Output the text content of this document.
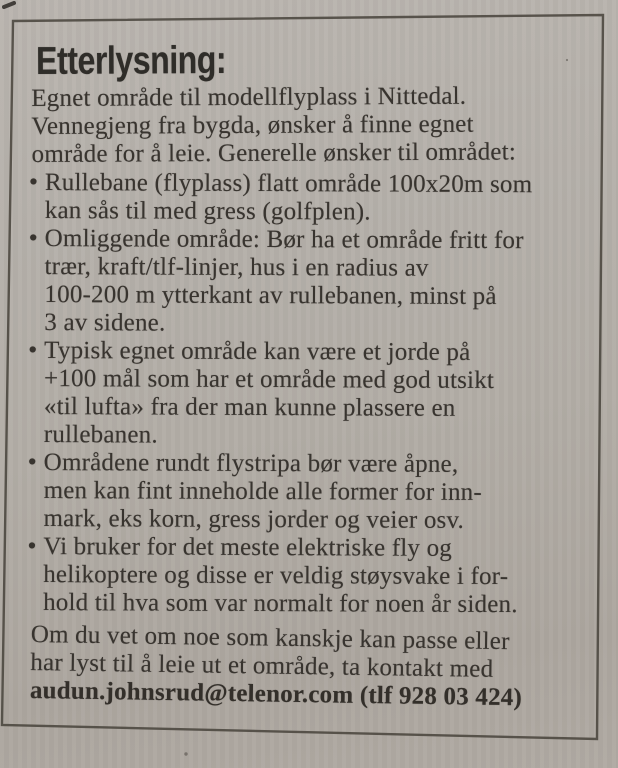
Etterlysning:
Egnet område til modellflyplass i Nittedal.
Vennegjeng fra bygda, ønsker å finne egnet
område for å leie. Generelle ønsker til området:
• Rullebane (flyplass) flatt område 100x20m som
kan sås til med gress (golfplen).
• Omliggende område: Bør ha et område fritt for
trær, kraft/tlf-linjer, hus i en radius av
100-200 m ytterkant av rullebanen, minst på
3 av sidene.
• Typisk egnet område kan være et jorde på
+100 mål som har et område med god utsikt
«til lufta» fra der man kunne plassere en
rullebanen.
• Områdene rundt flystripa bør være åpne,
men kan fint inneholde alle former for inn-
mark, eks korn, gress jorder og veier osv.
• Vi bruker for det meste elektriske fly og
helikoptere og disse er veldig støysvake i for-
hold til hva som var normalt for noen år siden.
Om du vet om noe som kanskje kan passe eller
har lyst til å leie ut et område, ta kontakt med
audun.johnsrud@telenor.com (tlf 928 03 424)
